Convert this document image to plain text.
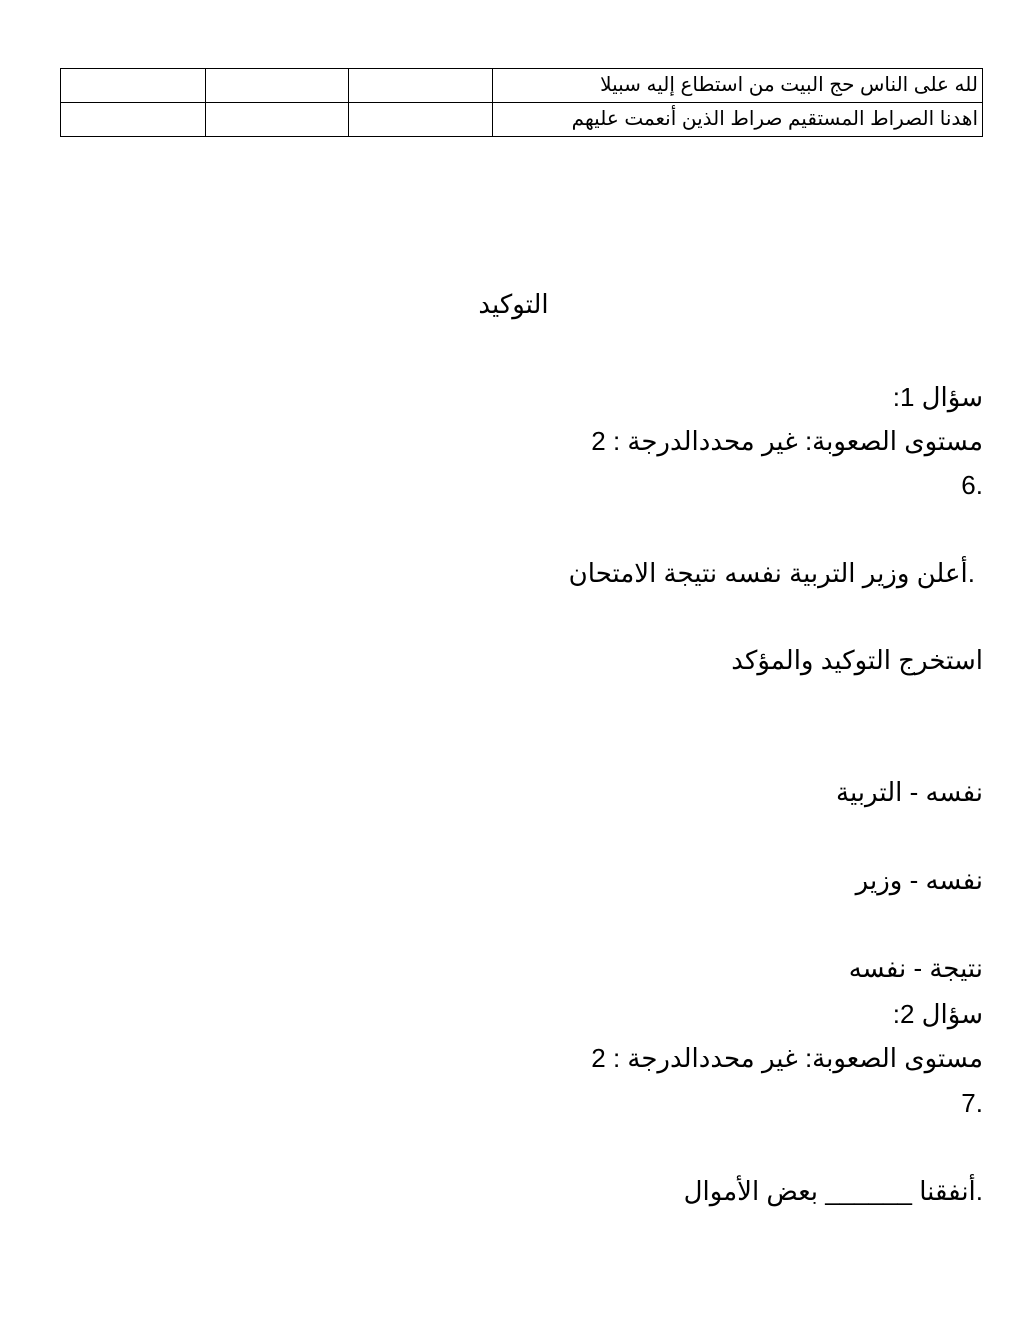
لله على الناس حج البيت من استطاع إليه سبيلا			
اهدنا الصراط المستقيم صراط الذين أنعمت عليهم			
التوكيد
سؤال 1:
مستوى الصعوبة: غير محددالدرجة : 2
.6
.أعلن وزير التربية نفسه نتيجة الامتحان
استخرج التوكيد والمؤكد
نفسه - التربية
نفسه - وزير
نتيجة - نفسه
سؤال 2:
مستوى الصعوبة: غير محددالدرجة : 2
.7
.أنفقنا ______ بعض الأموال
